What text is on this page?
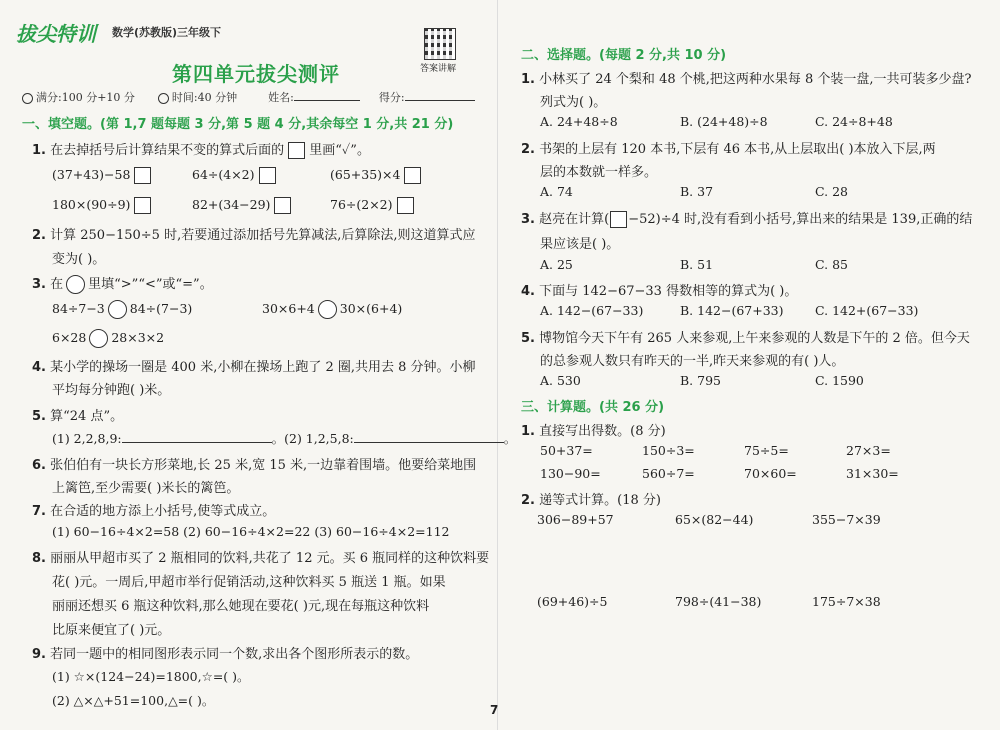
拔尖特训 数学(苏教版)三年级下
答案讲解
第四单元拔尖测评
满分:100 分+10 分	时间:40 分钟	姓名:	得分:
一、填空题。(第 1,7 题每题 3 分,第 5 题 4 分,其余每空 1 分,共 21 分)
1. 在去掉括号后计算结果不变的算式后面的 里画“✓”。
(37+43)−58	64÷(4×2)	(65+35)×4
180×(90÷9)	82+(34−29)	76÷(2×2)
2. 计算 250−150÷5 时,若要通过添加括号先算减法,后算除法,则这道算式应
变为( )。
3. 在 里填“>”“<”或“=”。
84÷7−3 84÷(7−3)	30×6+4 30×(6+4)
6×28 28×3×2
4. 某小学的操场一圈是 400 米,小柳在操场上跑了 2 圈,共用去 8 分钟。小柳
平均每分钟跑( )米。
5. 算“24 点”。
(1) 2,2,8,9:	。(2) 1,2,5,8:	。
6. 张伯伯有一块长方形菜地,长 25 米,宽 15 米,一边靠着围墙。他要给菜地围
上篱笆,至少需要( )米长的篱笆。
7. 在合适的地方添上小括号,使等式成立。
(1) 60−16÷4×2=58 (2) 60−16÷4×2=22 (3) 60−16÷4×2=112
8. 丽丽从甲超市买了 2 瓶相同的饮料,共花了 12 元。买 6 瓶同样的这种饮料要
花( )元。一周后,甲超市举行促销活动,这种饮料买 5 瓶送 1 瓶。如果
丽丽还想买 6 瓶这种饮料,那么她现在要花( )元,现在每瓶这种饮料
比原来便宜了( )元。
9. 若同一题中的相同图形表示同一个数,求出各个图形所表示的数。
(1) ☆×(124−24)=1800,☆=( )。
(2) △×△+51=100,△=( )。
二、选择题。(每题 2 分,共 10 分)
1. 小林买了 24 个梨和 48 个桃,把这两种水果每 8 个装一盘,一共可装多少盘?
列式为( )。
A. 24+48÷8	B. (24+48)÷8	C. 24÷8+48
2. 书架的上层有 120 本书,下层有 46 本书,从上层取出( )本放入下层,两
层的本数就一样多。
A. 74	B. 37	C. 28
3. 赵亮在计算( −52)÷4 时,没有看到小括号,算出来的结果是 139,正确的结
果应该是( )。
A. 25	B. 51	C. 85
4. 下面与 142−67−33 得数相等的算式为( )。
A. 142−(67−33)	B. 142−(67+33)	C. 142+(67−33)
5. 博物馆今天下午有 265 人来参观,上午来参观的人数是下午的 2 倍。但今天
的总参观人数只有昨天的一半,昨天来参观的有( )人。
A. 530	B. 795	C. 1590
三、计算题。(共 26 分)
1. 直接写出得数。(8 分)
50+37=	150÷3=	75÷5=	27×3=
130−90=	560÷7=	70×60=	31×30=
2. 递等式计算。(18 分)
306−89+57	65×(82−44)	355−7×39
(69+46)÷5	798÷(41−38)	175÷7×38
7
